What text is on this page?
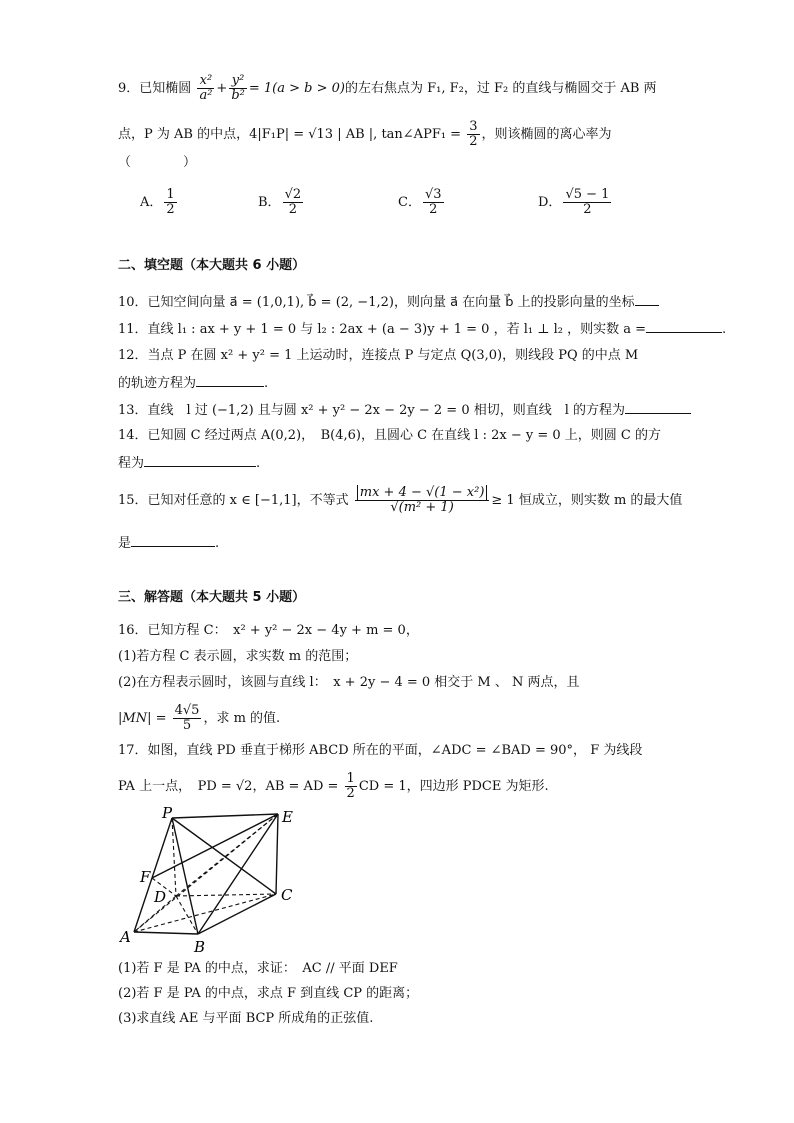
9．已知椭圆 $\frac{\text{x²}}{\text{a²}} + \frac{\text{y²}}{\text{b²}} = 1(a > b > 0)$的左右焦点为 F₁, F₂，过 F₂ 的直线与椭圆交于 AB 两
点，P 为 AB 的中点，4|F₁P| = √13 | AB |, tan∠APF₁ = $\frac{3}{2}$ ，则该椭圆的离心率为
（　　　　）
A． $\frac{1}{2}$	B． $\frac{√2}{2}$	C． $\frac{√3}{2}$	D． $\frac{√5 - 1}{2}$
二、填空题（本大题共 6 小题）
10．已知空间向量 a⃗ = (1,0,1), b⃗ = (2, −1,2)，则向量 a⃗ 在向量 b⃗ 上的投影向量的坐标
11．直线 l₁ : ax + y + 1 = 0 与 l₂ : 2ax + (a − 3)y + 1 = 0 ，若 l₁ ⊥ l₂ ，则实数 a =	.
12．当点 P 在圆 x² + y² = 1 上运动时，连接点 P 与定点 Q(3,0)，则线段 PQ 的中点 M
的轨迹方程为	.
13．直线　l 过 (−1,2) 且与圆 x² + y² − 2x − 2y − 2 = 0 相切，则直线　l 的方程为
14．已知圆 C 经过两点 A(0,2)，　B(4,6)，且圆心 C 在直线 l : 2x − y = 0 上，则圆 C 的方
程为	.
15．已知对任意的 x ∈ [−1,1]，不等式 $\frac{\text{mx + 4 − √(1 − x²)}}{\text{√(m² + 1)}} \ge 1$ 恒成立，则实数 m 的最大值
是	.
三、解答题（本大题共 5 小题）
16．已知方程 C：　x² + y² − 2x − 4y + m = 0，
(1)若方程 C 表示圆，求实数 m 的范围；
(2)在方程表示圆时，该圆与直线 l：　x + 2y − 4 = 0 相交于 M 、 N 两点，且
$|MN| = \frac{4√5}{5}$ ，求 m 的值.
17．如图，直线 PD 垂直于梯形 ABCD 所在的平面，∠ADC = ∠BAD = 90°， F 为线段
PA 上一点，　PD = √2，AB = AD = $\frac{1}{2}$ CD = 1，四边形 PDCE 为矩形.
P	E
F
D	C
A
B
(1)若 F 是 PA 的中点，求证：　AC // 平面 DEF
(2)若 F 是 PA 的中点，求点 F 到直线 CP 的距离；
(3)求直线 AE 与平面 BCP 所成角的正弦值.
